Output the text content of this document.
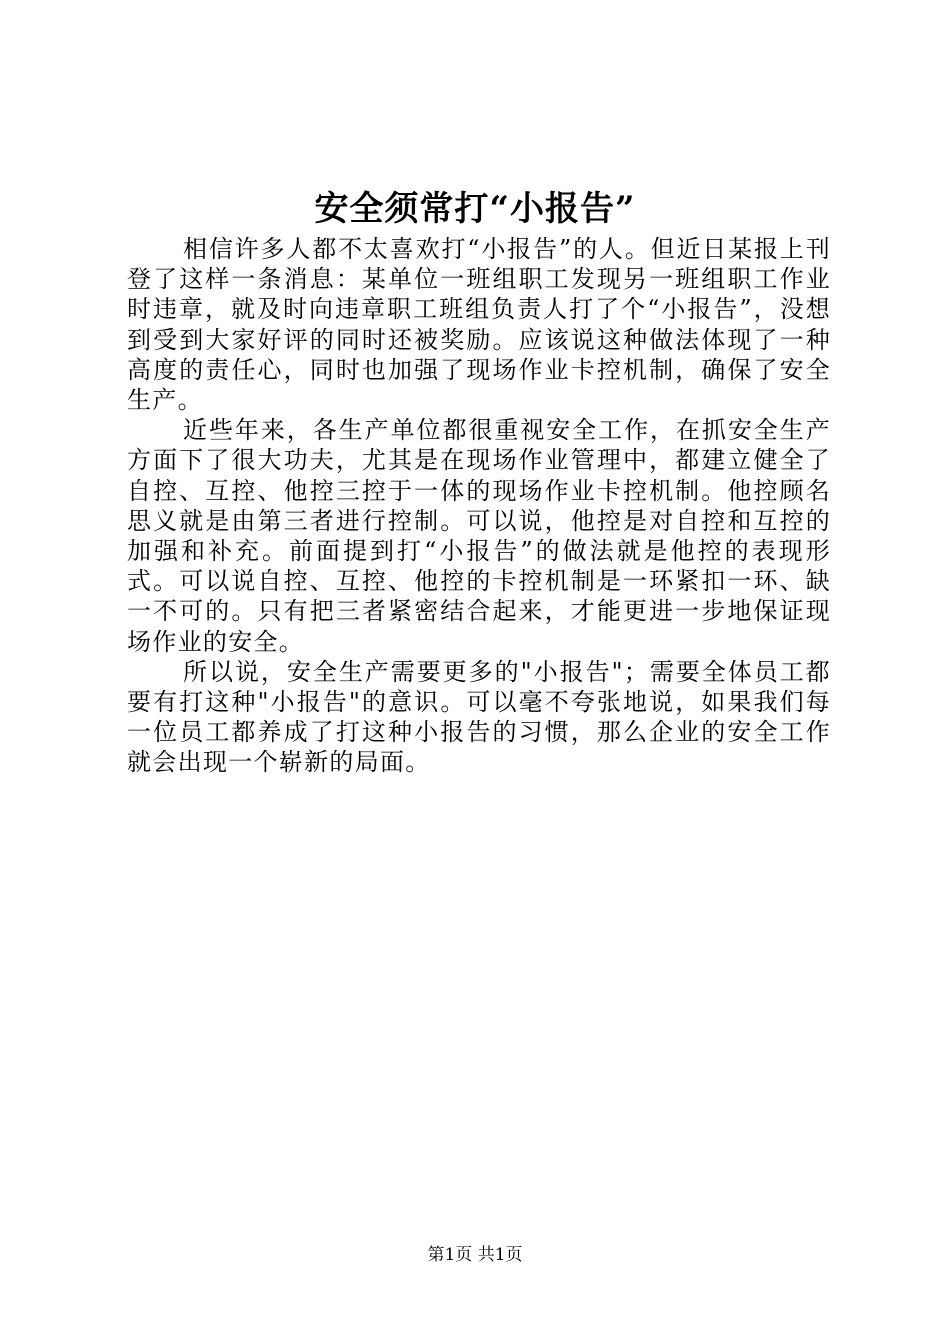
安全须常打“小报告”

相信许多人都不太喜欢打“小报告”的人。但近日某报上刊登了这样一条消息：某单位一班组职工发现另一班组职工作业时违章，就及时向违章职工班组负责人打了个“小报告”，没想到受到大家好评的同时还被奖励。应该说这种做法体现了一种高度的责任心，同时也加强了现场作业卡控机制，确保了安全生产。

近些年来，各生产单位都很重视安全工作，在抓安全生产方面下了很大功夫，尤其是在现场作业管理中，都建立健全了自控、互控、他控三控于一体的现场作业卡控机制。他控顾名思义就是由第三者进行控制。可以说，他控是对自控和互控的加强和补充。前面提到打“小报告”的做法就是他控的表现形式。可以说自控、互控、他控的卡控机制是一环紧扣一环、缺一不可的。只有把三者紧密结合起来，才能更进一步地保证现场作业的安全。

所以说，安全生产需要更多的"小报告"；需要全体员工都要有打这种"小报告"的意识。可以毫不夸张地说，如果我们每一位员工都养成了打这种小报告的习惯，那么企业的安全工作就会出现一个崭新的局面。

第1页 共1页
